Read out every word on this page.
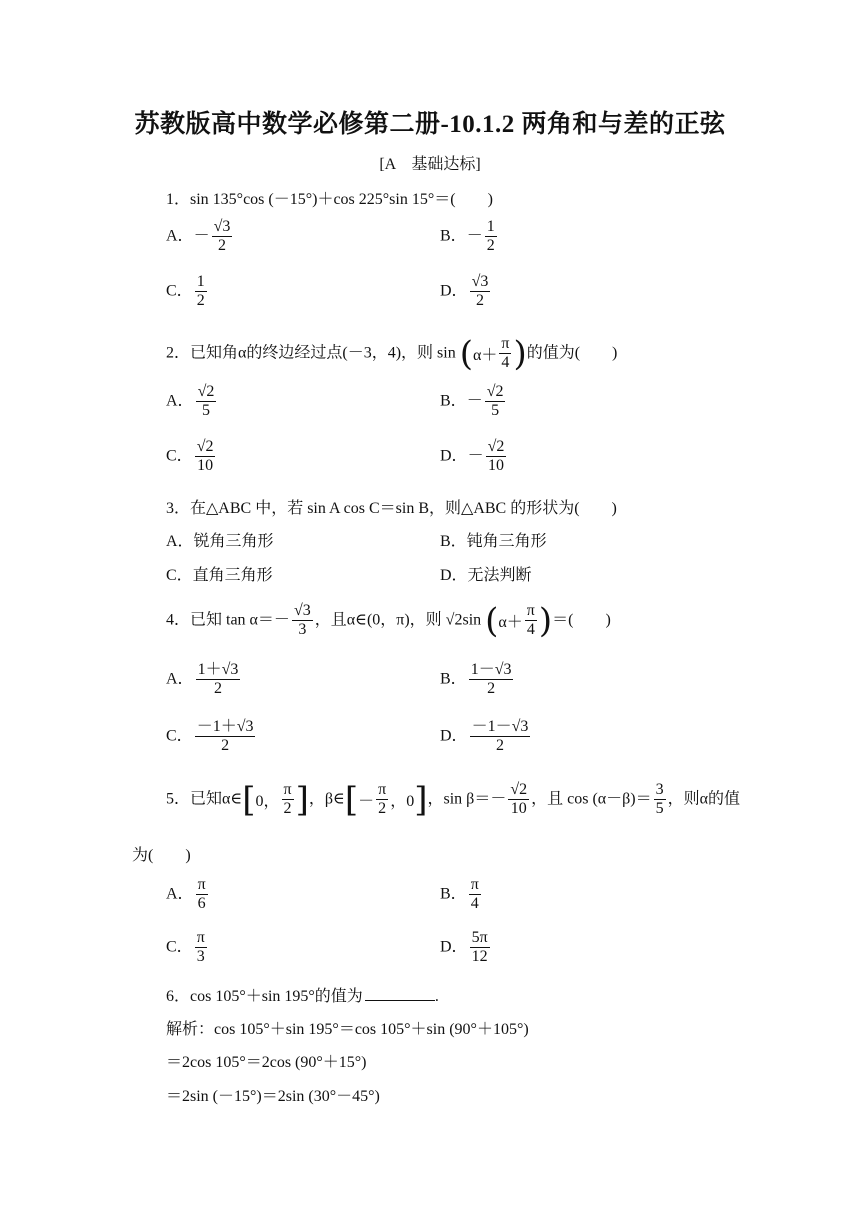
苏教版高中数学必修第二册-10.1.2 两角和与差的正弦
[A　基础达标]
1．sin 135°cos (－15°)＋cos 225°sin 15°＝(　　)
A．－ $\frac{√3}{2}$	B．－ $\frac{1}{2}$
C． $\frac{1}{2}$	D． $\frac{√3}{2}$
2．已知角α的终边经过点(－3，4)，则 sin ( $\alpha+ \frac{\pi}{4}$ ) 的值为(　　)
A． $\frac{√2}{5}$	B．－ $\frac{√2}{5}$
C． $\frac{√2}{10}$	D．－ $\frac{√2}{10}$
3．在△ABC 中，若 sin A cos C＝sin B，则△ABC 的形状为(　　)
A．锐角三角形	B．钝角三角形
C．直角三角形	D．无法判断
4．已知 $\tan \alpha=- \frac{√3}{3}$ ，且α∈(0，π)，则 √2sin ( $\alpha+ \frac{\pi}{4}$ ) ＝(　　)
A． $\frac{1+√3}{2}$	B． $\frac{1-√3}{2}$
C． $\frac{-1+√3}{2}$	D． $\frac{-1-√3}{2}$
5．已知α∈ [ 0， $\frac{\pi}{2}$ ] ，β∈ [ － $\frac{\pi}{2}$ ，0 ] ，$\sin \beta=- \frac{√2}{10}$ ，且 $\cos (\alpha-\beta)= \frac{3}{5}$ ，则α的值
为(　　)
A． $\frac{\pi}{6}$	B． $\frac{\pi}{4}$
C． $\frac{\pi}{3}$	D． $\frac{5\pi}{12}$
6．cos 105°＋sin 195°的值为	.
解析：cos 105°＋sin 195°＝cos 105°＋sin (90°＋105°)
＝2cos 105°＝2cos (90°＋15°)
＝2sin (－15°)＝2sin (30°－45°)
